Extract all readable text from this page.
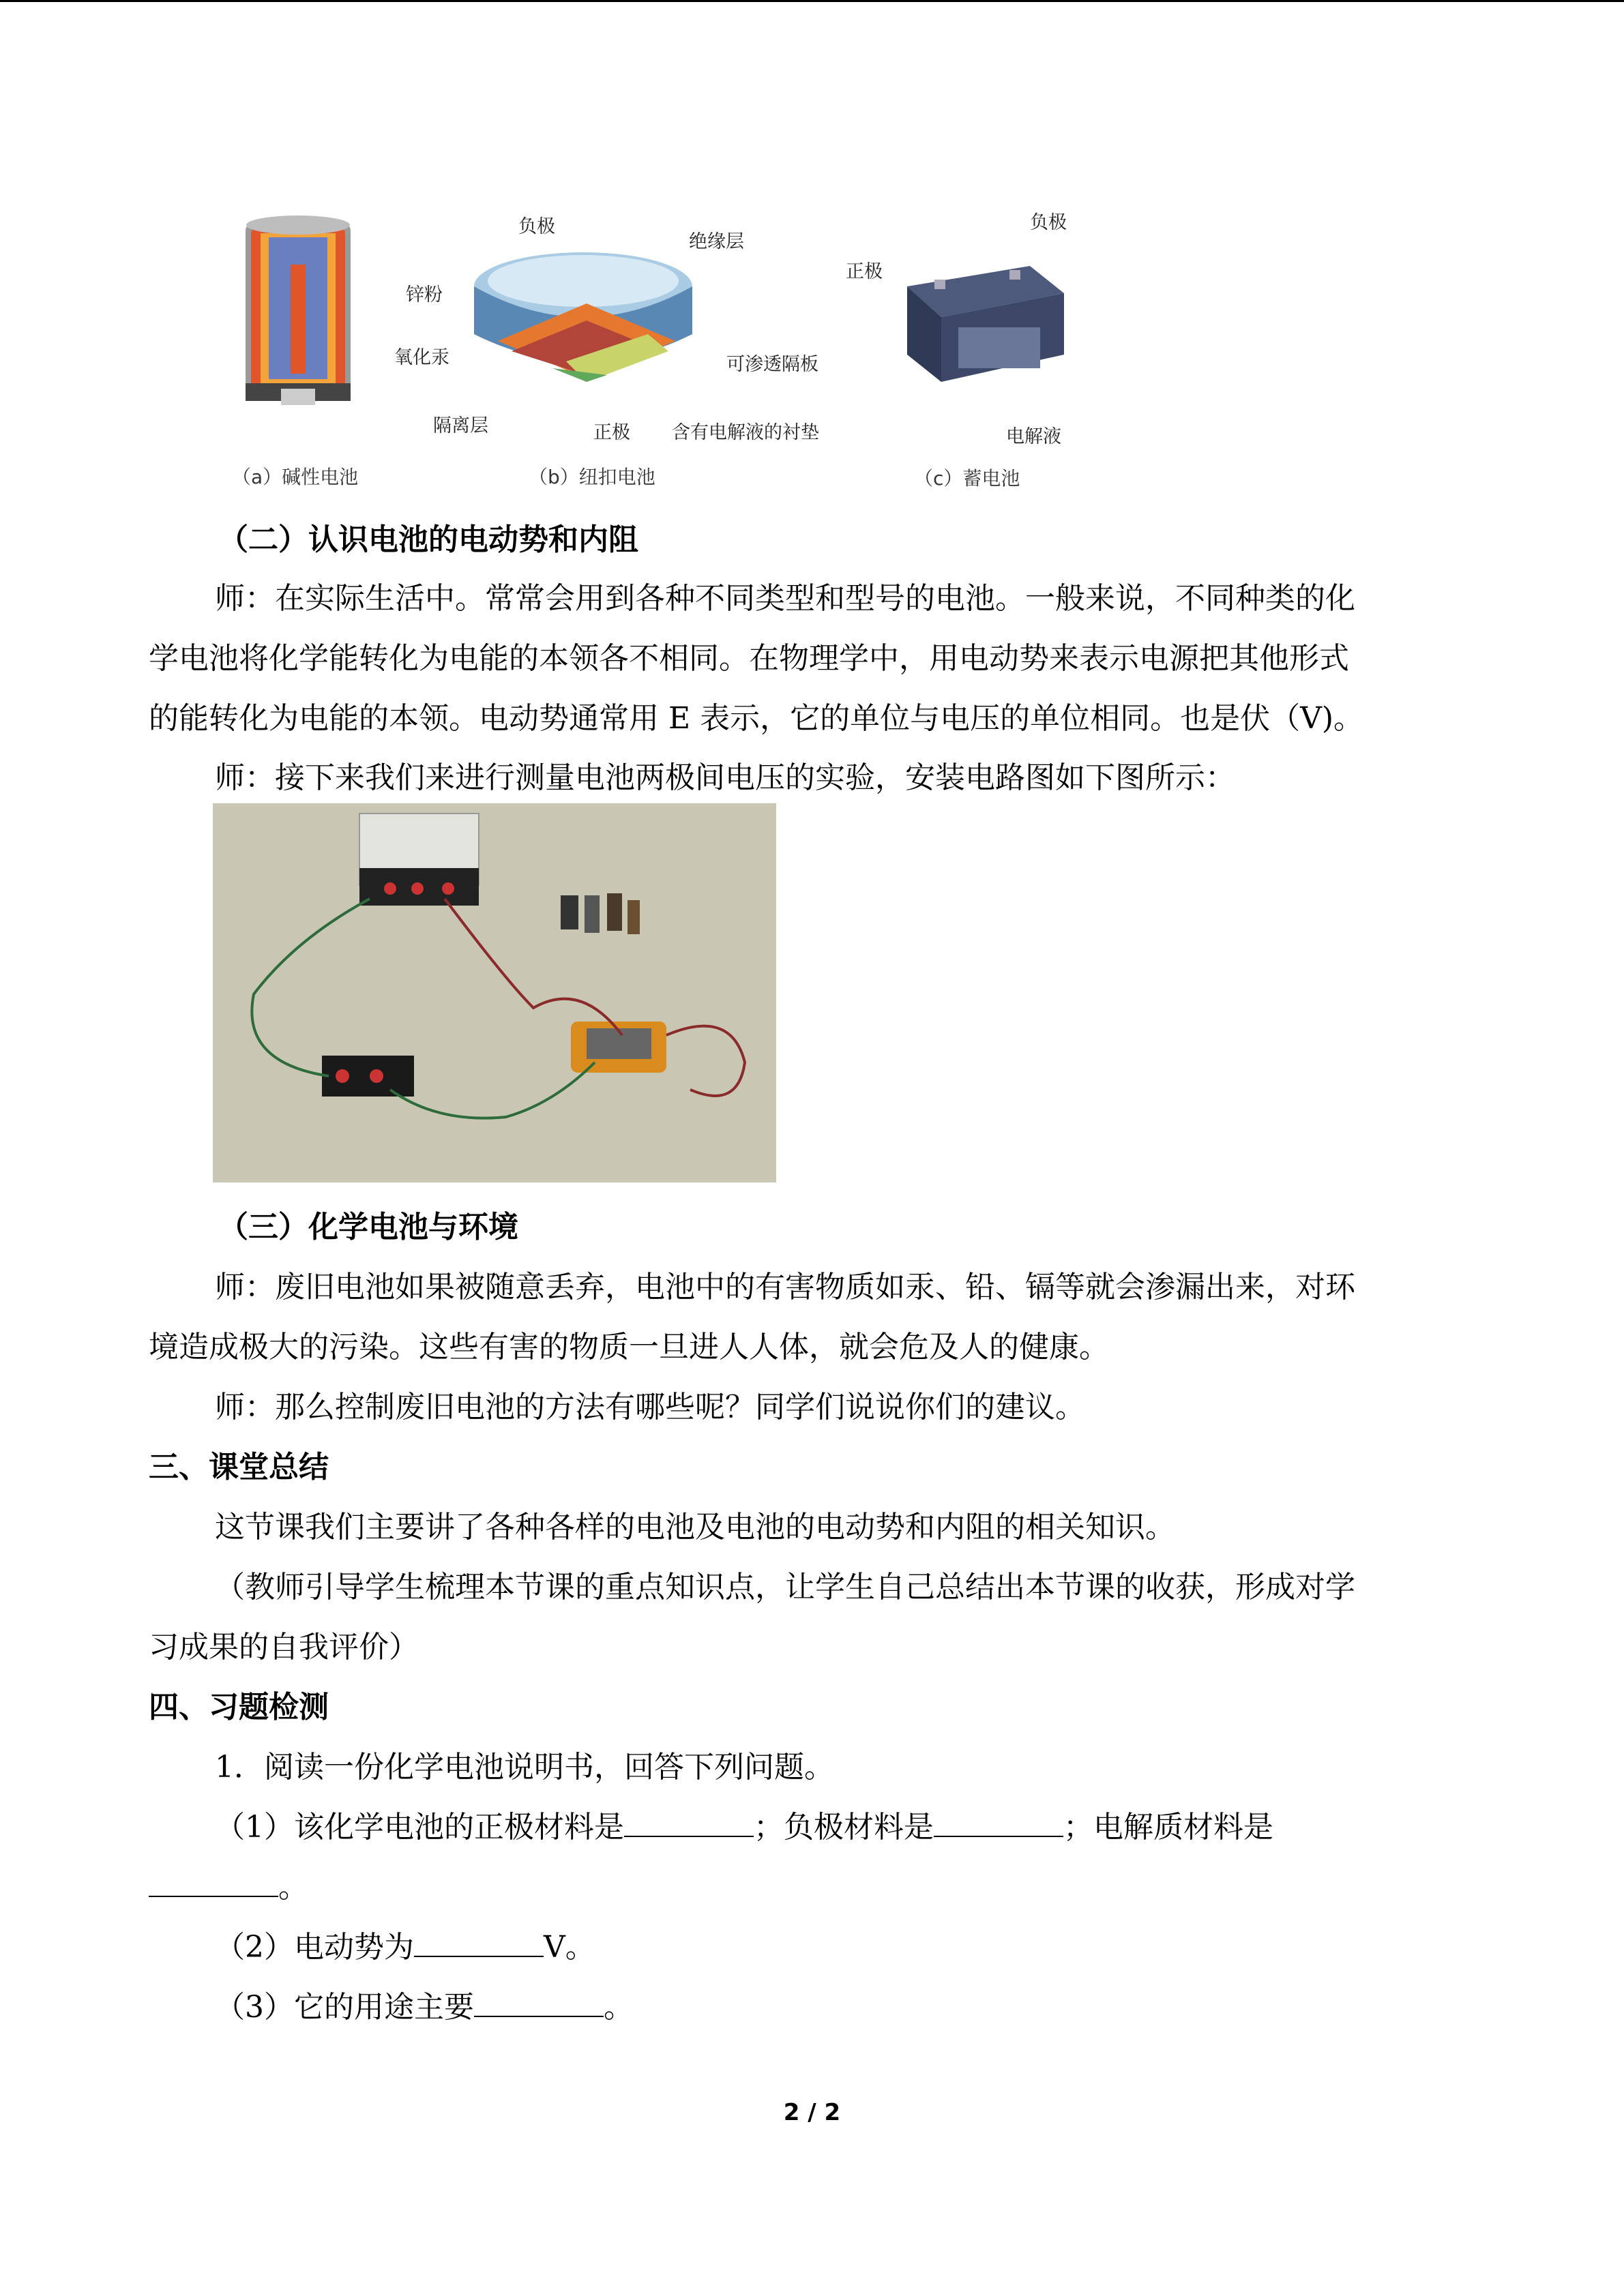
（a）碱性电池
负极
绝缘层
锌粉
氧化汞	可渗透隔板
隔离层	正极 含有电解液的衬垫
（b）纽扣电池
负极
正极
电解液
（c）蓄电池
（二）认识电池的电动势和内阻
师：在实际生活中。常常会用到各种不同类型和型号的电池。一般来说，不同种类的化
学电池将化学能转化为电能的本领各不相同。在物理学中，用电动势来表示电源把其他形式
的能转化为电能的本领。电动势通常用 E 表示，它的单位与电压的单位相同。也是伏（V)。
师：接下来我们来进行测量电池两极间电压的实验，安装电路图如下图所示：
（三）化学电池与环境
师：废旧电池如果被随意丢弃，电池中的有害物质如汞、铅、镉等就会渗漏出来，对环
境造成极大的污染。这些有害的物质一旦进人人体，就会危及人的健康。
师：那么控制废旧电池的方法有哪些呢？同学们说说你们的建议。
三、课堂总结
这节课我们主要讲了各种各样的电池及电池的电动势和内阻的相关知识。
（教师引导学生梳理本节课的重点知识点，让学生自己总结出本节课的收获，形成对学
习成果的自我评价）
四、习题检测
1．阅读一份化学电池说明书，回答下列问题。
（1）该化学电池的正极材料是	；负极材料是	；电解质材料是
。
（2）电动势为	V。
（3）它的用途主要	。
2 / 2
